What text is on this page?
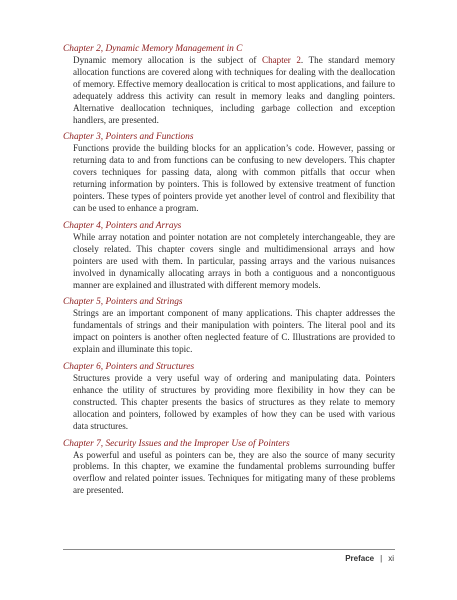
Chapter 2, Dynamic Memory Management in C

Dynamic memory allocation is the subject of Chapter 2. The standard memory allocation functions are covered along with techniques for dealing with the deallocation of memory. Effective memory deallocation is critical to most applications, and failure to adequately address this activity can result in memory leaks and dangling pointers. Alternative deallocation techniques, including garbage collection and exception handlers, are presented.

Chapter 3, Pointers and Functions

Functions provide the building blocks for an application’s code. However, passing or returning data to and from functions can be confusing to new developers. This chapter covers techniques for passing data, along with common pitfalls that occur when returning information by pointers. This is followed by extensive treatment of function pointers. These types of pointers provide yet another level of control and flexibility that can be used to enhance a program.

Chapter 4, Pointers and Arrays

While array notation and pointer notation are not completely interchangeable, they are closely related. This chapter covers single and multidimensional arrays and how pointers are used with them. In particular, passing arrays and the various nuisances involved in dynamically allocating arrays in both a contiguous and a noncontiguous manner are explained and illustrated with different memory models.

Chapter 5, Pointers and Strings

Strings are an important component of many applications. This chapter addresses the fundamentals of strings and their manipulation with pointers. The literal pool and its impact on pointers is another often neglected feature of C. Illustrations are provided to explain and illuminate this topic.

Chapter 6, Pointers and Structures

Structures provide a very useful way of ordering and manipulating data. Pointers enhance the utility of structures by providing more flexibility in how they can be constructed. This chapter presents the basics of structures as they relate to memory allocation and pointers, followed by examples of how they can be used with various data structures.

Chapter 7, Security Issues and the Improper Use of Pointers

As powerful and useful as pointers can be, they are also the source of many security problems. In this chapter, we examine the fundamental problems surrounding buffer overflow and related pointer issues. Techniques for mitigating many of these problems are presented.

Preface | xi
